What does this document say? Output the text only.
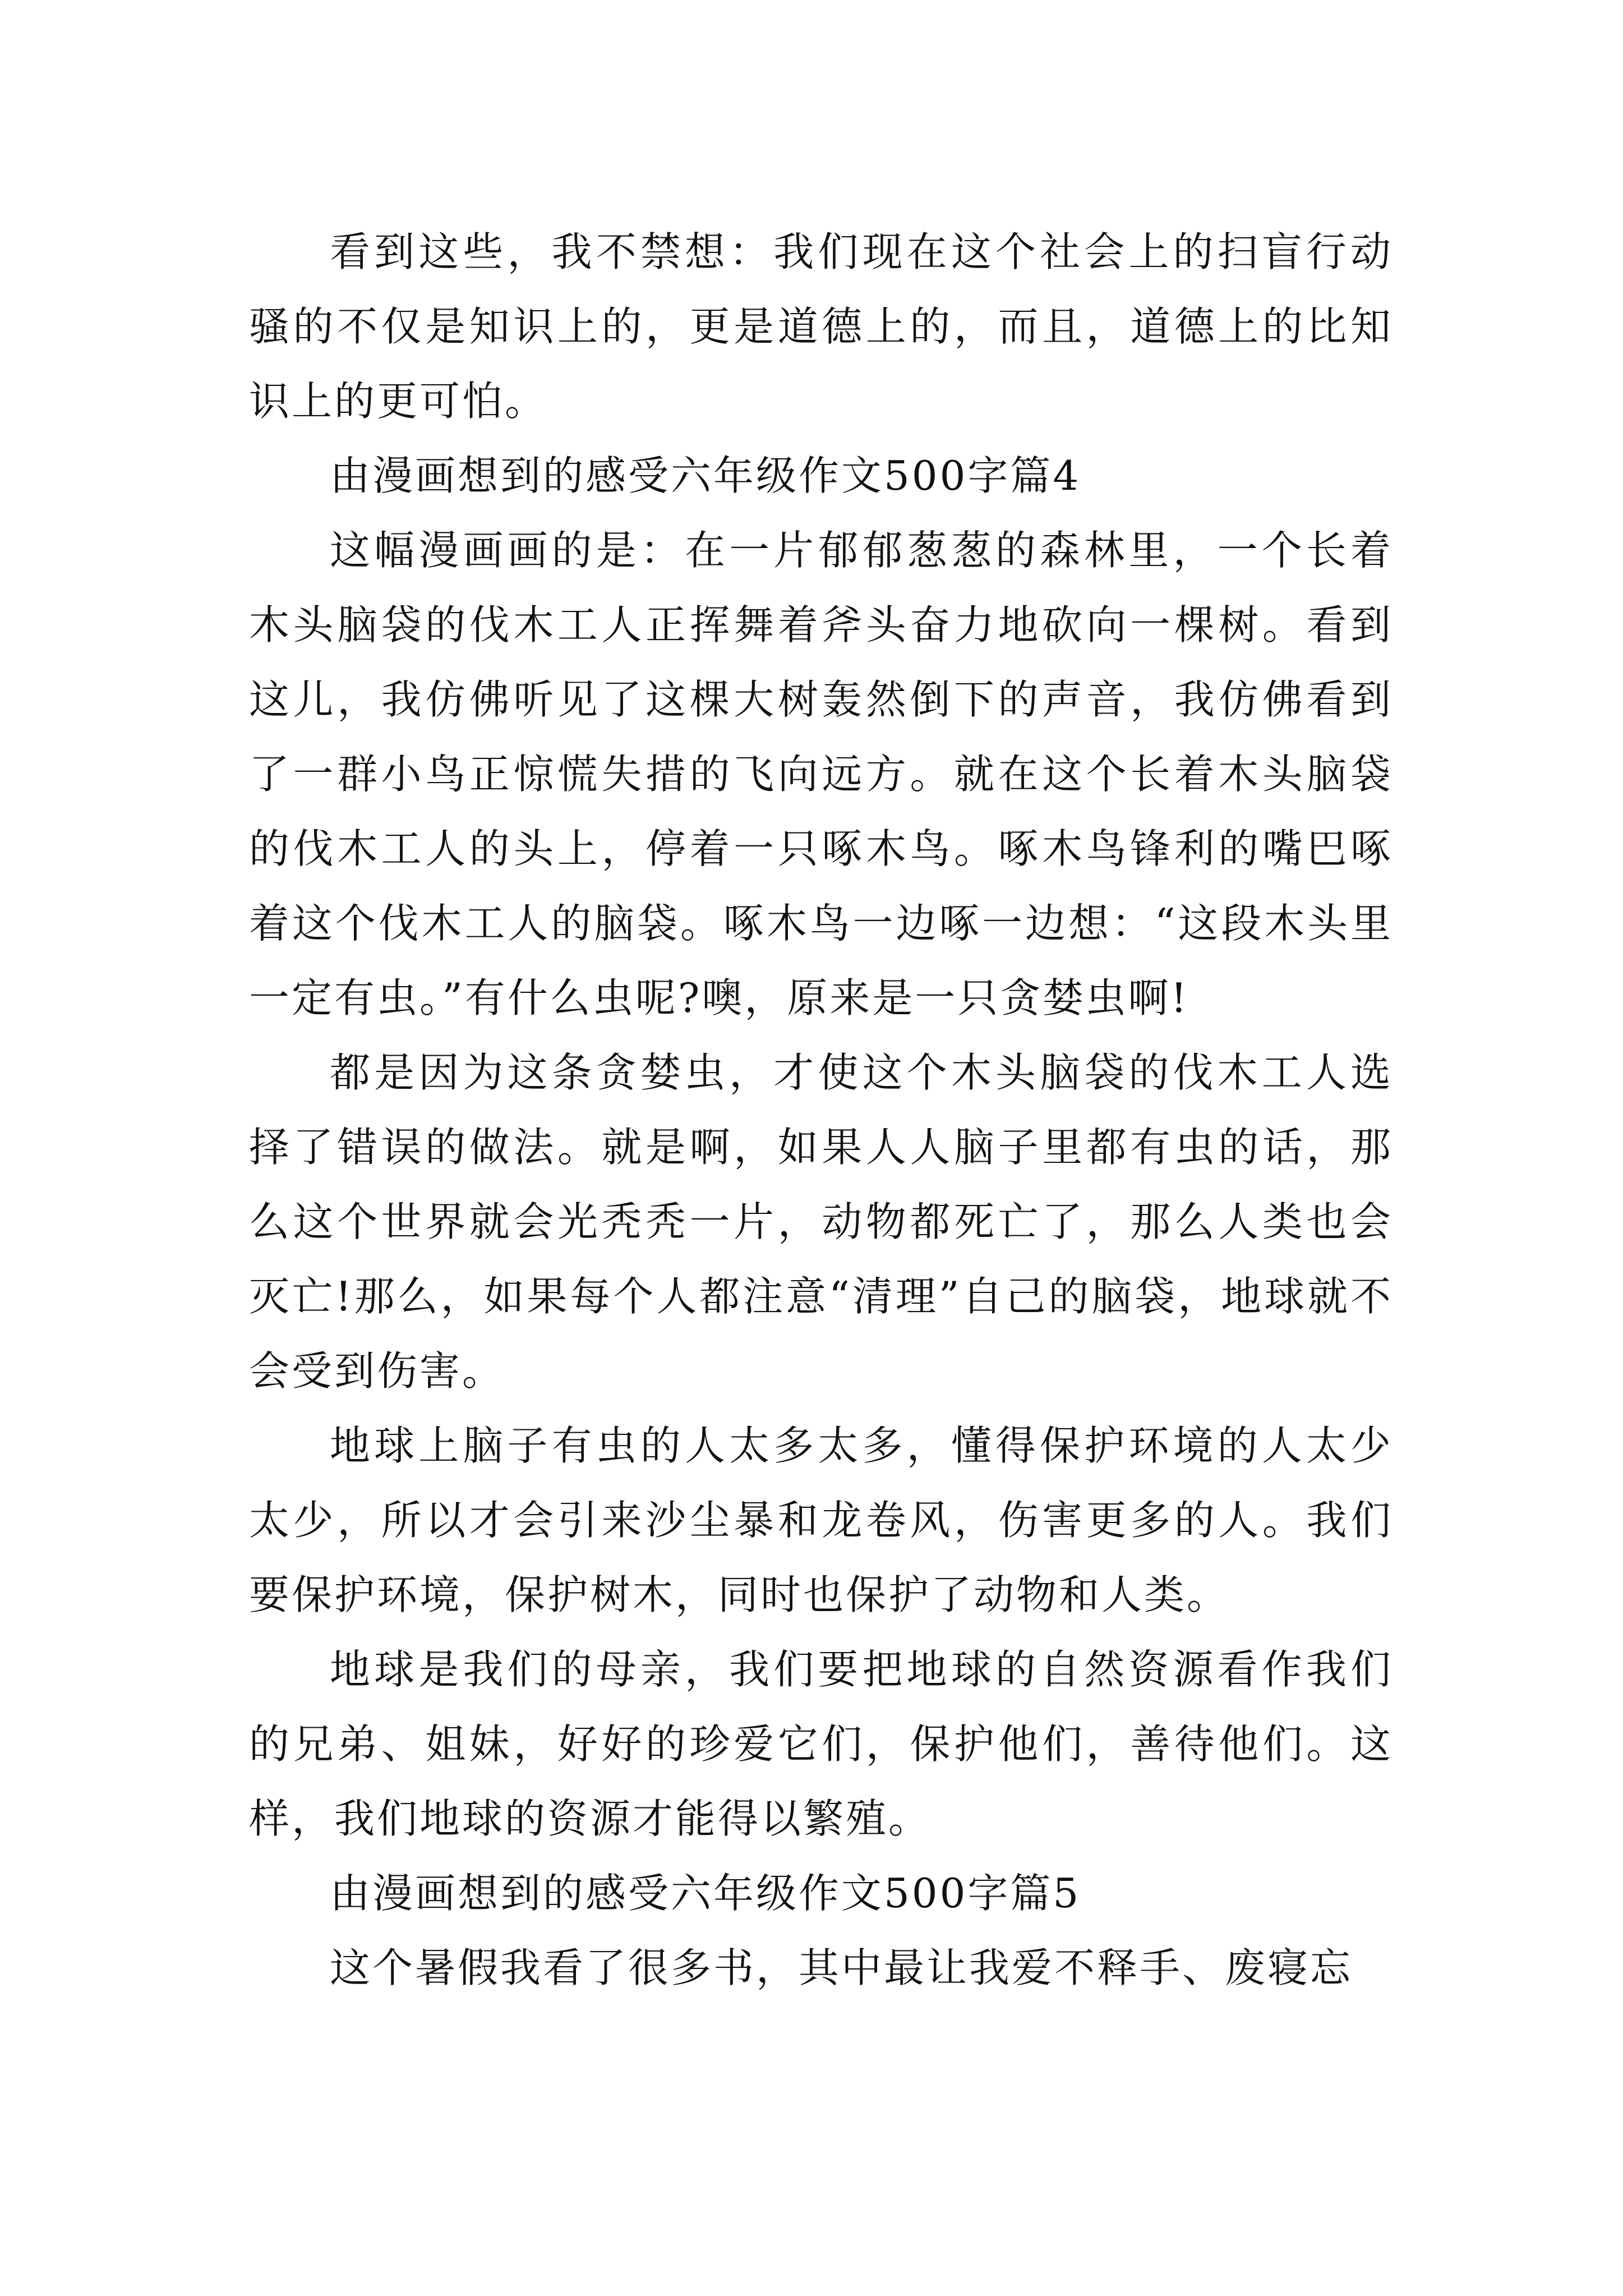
看到这些，我不禁想：我们现在这个社会上的扫盲行动骚的不仅是知识上的，更是道德上的，而且，道德上的比知识上的更可怕。

由漫画想到的感受六年级作文500字篇4

这幅漫画画的是：在一片郁郁葱葱的森林里，一个长着木头脑袋的伐木工人正挥舞着斧头奋力地砍向一棵树。看到这儿，我仿佛听见了这棵大树轰然倒下的声音，我仿佛看到了一群小鸟正惊慌失措的飞向远方。就在这个长着木头脑袋的伐木工人的头上，停着一只啄木鸟。啄木鸟锋利的嘴巴啄着这个伐木工人的脑袋。啄木鸟一边啄一边想：“这段木头里一定有虫。”有什么虫呢?噢，原来是一只贪婪虫啊!

都是因为这条贪婪虫，才使这个木头脑袋的伐木工人选择了错误的做法。就是啊，如果人人脑子里都有虫的话，那么这个世界就会光秃秃一片，动物都死亡了，那么人类也会灭亡!那么，如果每个人都注意“清理”自己的脑袋，地球就不会受到伤害。

地球上脑子有虫的人太多太多，懂得保护环境的人太少太少，所以才会引来沙尘暴和龙卷风，伤害更多的人。我们要保护环境，保护树木，同时也保护了动物和人类。

地球是我们的母亲，我们要把地球的自然资源看作我们的兄弟、姐妹，好好的珍爱它们，保护他们，善待他们。这样，我们地球的资源才能得以繁殖。

由漫画想到的感受六年级作文500字篇5

这个暑假我看了很多书，其中最让我爱不释手、废寝忘
